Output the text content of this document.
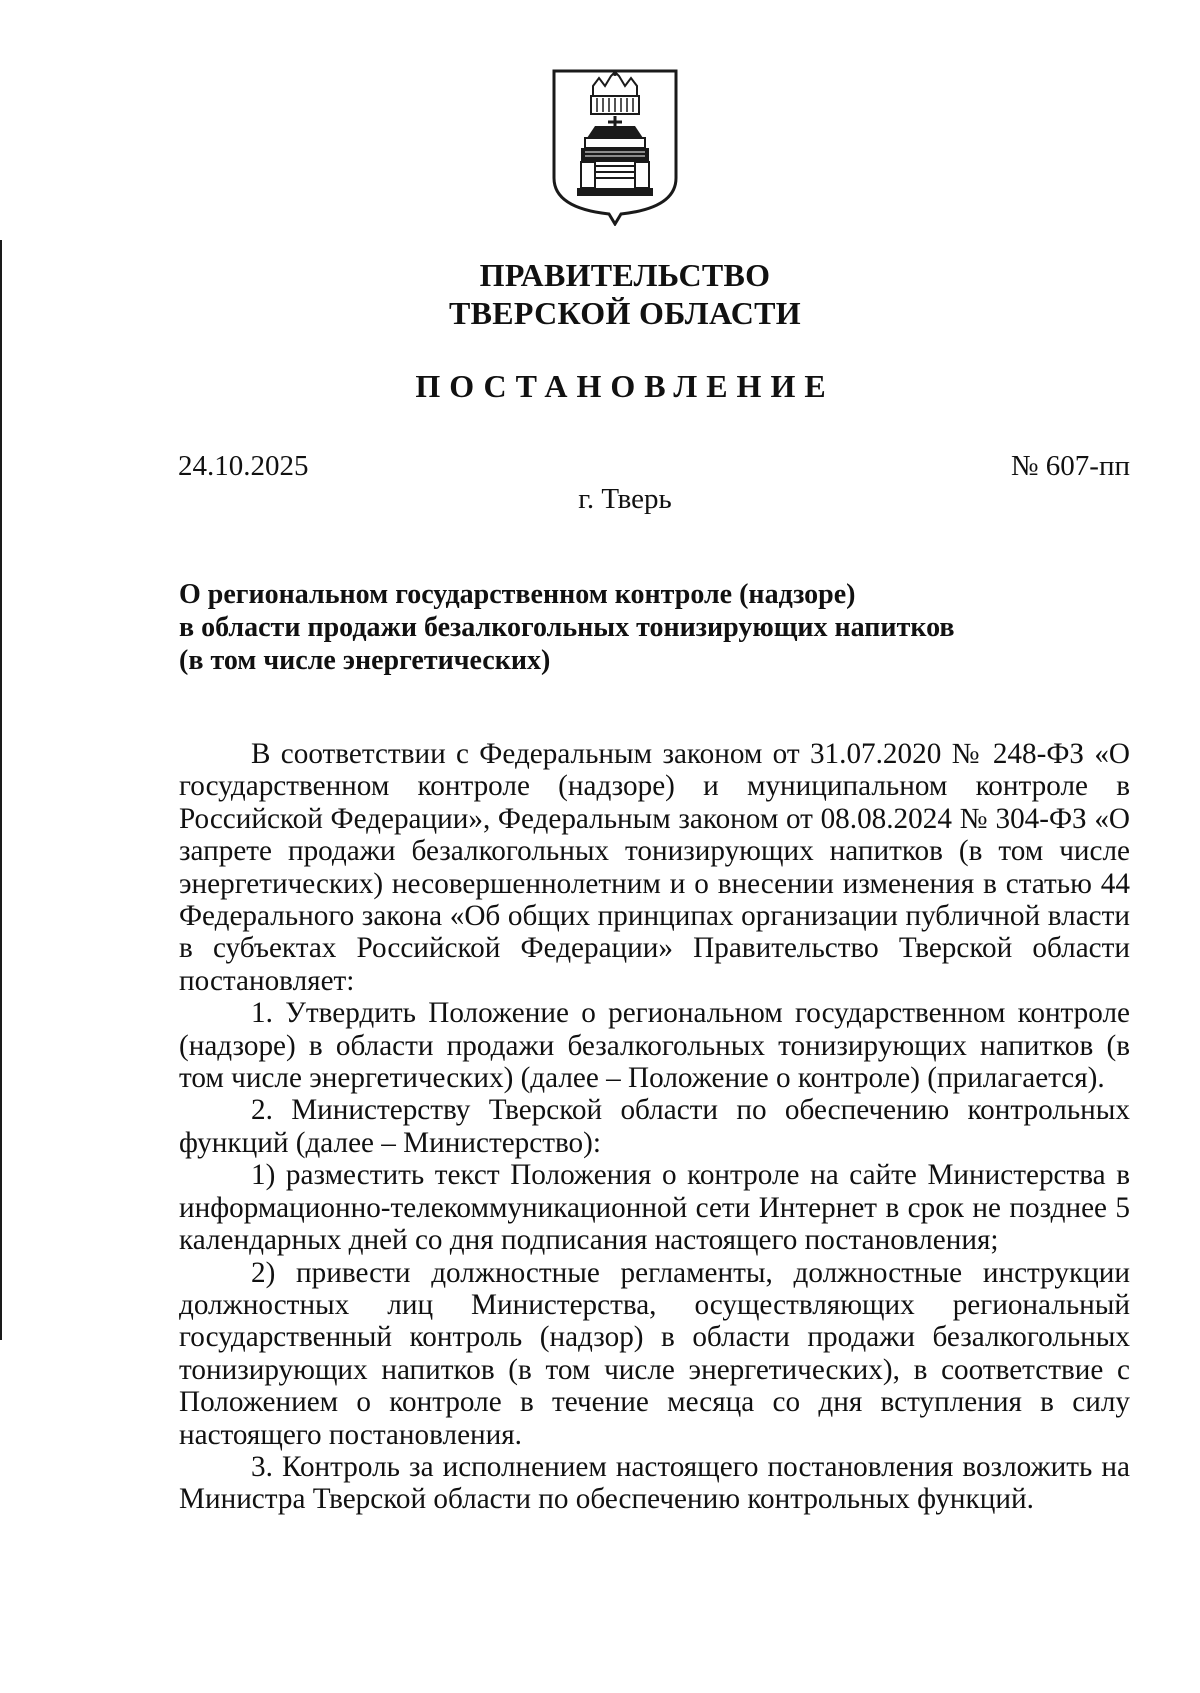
ПРАВИТЕЛЬСТВО
ТВЕРСКОЙ ОБЛАСТИ
ПОСТАНОВЛЕНИЕ
24.10.2025	№ 607-пп
г. Тверь
О региональном государственном контроле (надзоре)
в области продажи безалкогольных тонизирующих напитков
(в том числе энергетических)

В соответствии с Федеральным законом от 31.07.2020 № 248-ФЗ «О государственном контроле (надзоре) и муниципальном контроле в Российской Федерации», Федеральным законом от 08.08.2024 № 304-ФЗ «О запрете продажи безалкогольных тонизирующих напитков (в том числе энергетических) несовершеннолетним и о внесении изменения в статью 44 Федерального закона «Об общих принципах организации публичной власти в субъектах Российской Федерации» Правительство Тверской области постановляет:

1. Утвердить Положение о региональном государственном контроле (надзоре) в области продажи безалкогольных тонизирующих напитков (в том числе энергетических) (далее – Положение о контроле) (прилагается).

2. Министерству Тверской области по обеспечению контрольных функций (далее – Министерство):

1) разместить текст Положения о контроле на сайте Министерства в информационно-телекоммуникационной сети Интернет в срок не позднее 5 календарных дней со дня подписания настоящего постановления;

2) привести должностные регламенты, должностные инструкции должностных лиц Министерства, осуществляющих региональный государственный контроль (надзор) в области продажи безалкогольных тонизирующих напитков (в том числе энергетических), в соответствие с Положением о контроле в течение месяца со дня вступления в силу настоящего постановления.

3. Контроль за исполнением настоящего постановления возложить на Министра Тверской области по обеспечению контрольных функций.
